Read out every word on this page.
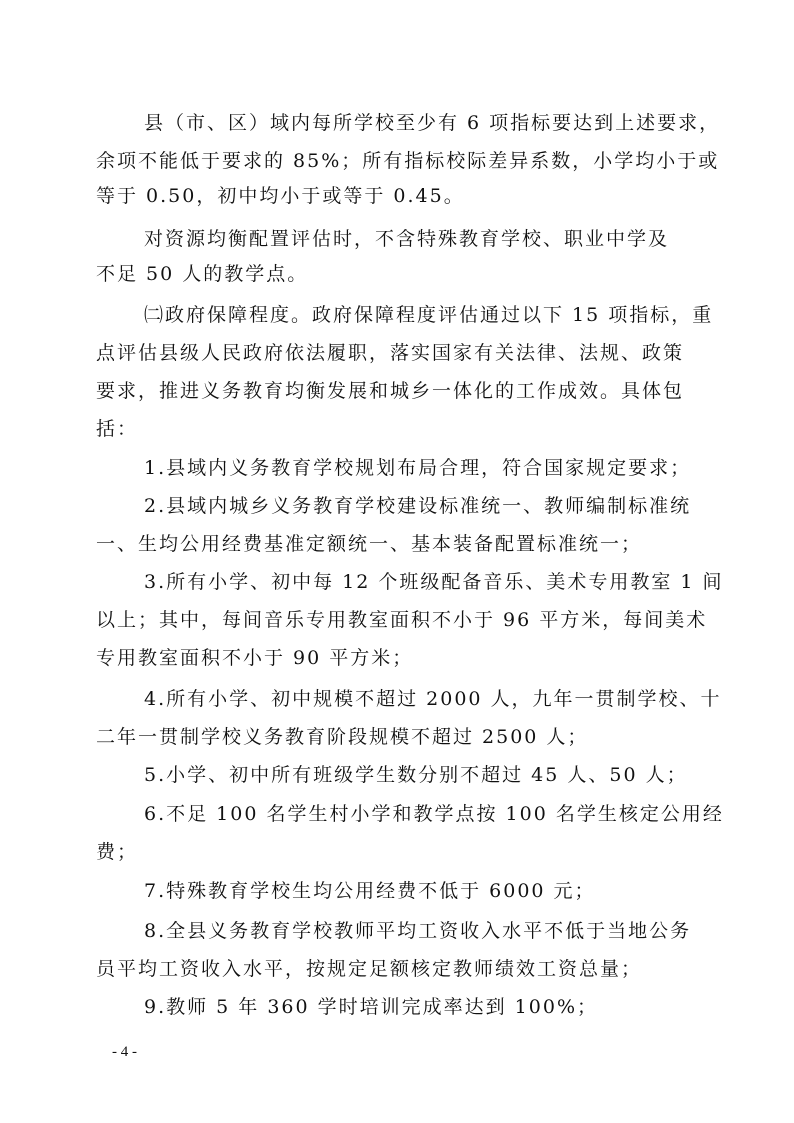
县（市、区）域内每所学校至少有 6 项指标要达到上述要求，
余项不能低于要求的 85%；所有指标校际差异系数，小学均小于或
等于 0.50，初中均小于或等于 0.45。
对资源均衡配置评估时，不含特殊教育学校、职业中学及
不足 50 人的教学点。
㈡政府保障程度。政府保障程度评估通过以下 15 项指标，重
点评估县级人民政府依法履职，落实国家有关法律、法规、政策
要求，推进义务教育均衡发展和城乡一体化的工作成效。具体包
括：
1.县域内义务教育学校规划布局合理，符合国家规定要求；
2.县域内城乡义务教育学校建设标准统一、教师编制标准统
一、生均公用经费基准定额统一、基本装备配置标准统一；
3.所有小学、初中每 12 个班级配备音乐、美术专用教室 1 间
以上；其中，每间音乐专用教室面积不小于 96 平方米，每间美术
专用教室面积不小于 90 平方米；
4.所有小学、初中规模不超过 2000 人，九年一贯制学校、十
二年一贯制学校义务教育阶段规模不超过 2500 人；
5.小学、初中所有班级学生数分别不超过 45 人、50 人；
6.不足 100 名学生村小学和教学点按 100 名学生核定公用经
费；
7.特殊教育学校生均公用经费不低于 6000 元；
8.全县义务教育学校教师平均工资收入水平不低于当地公务
员平均工资收入水平，按规定足额核定教师绩效工资总量；
9.教师 5 年 360 学时培训完成率达到 100%；
- 4 -
